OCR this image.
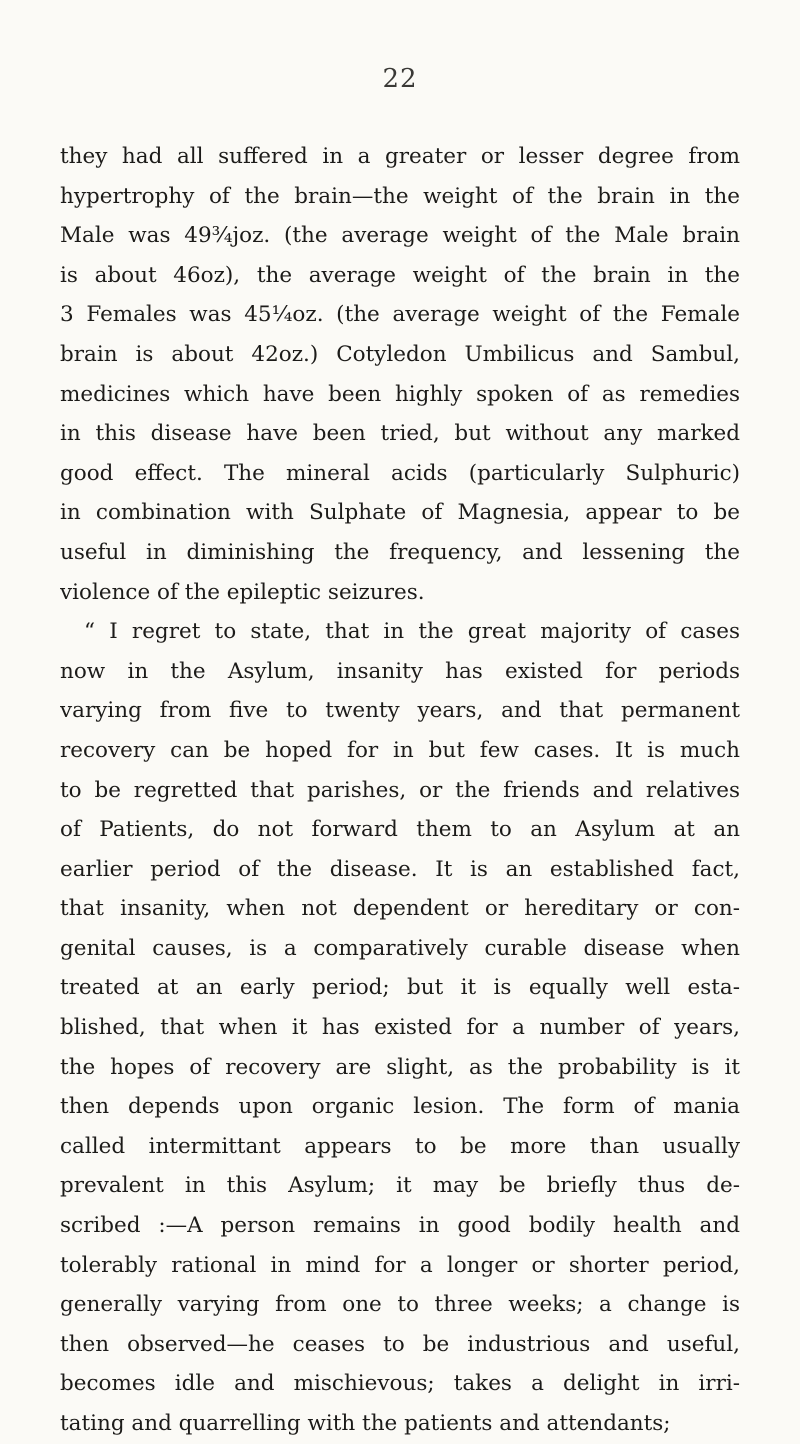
22
they had all suffered in a greater or lesser degree from
hypertrophy of the brain—the weight of the brain in the
Male was 49¾joz. (the average weight of the Male brain
is about 46oz), the average weight of the brain in the
3 Females was 45¼oz. (the average weight of the Female
brain is about 42oz.) Cotyledon Umbilicus and Sambul,
medicines which have been highly spoken of as remedies
in this disease have been tried, but without any marked
good effect. The mineral acids (particularly Sulphuric)
in combination with Sulphate of Magnesia, appear to be
useful in diminishing the frequency, and lessening the
violence of the epileptic seizures.
“ I regret to state, that in the great majority of cases
now in the Asylum, insanity has existed for periods
varying from five to twenty years, and that permanent
recovery can be hoped for in but few cases. It is much
to be regretted that parishes, or the friends and relatives
of Patients, do not forward them to an Asylum at an
earlier period of the disease. It is an established fact,
that insanity, when not dependent or hereditary or con-
genital causes, is a comparatively curable disease when
treated at an early period; but it is equally well esta-
blished, that when it has existed for a number of years,
the hopes of recovery are slight, as the probability is it
then depends upon organic lesion. The form of mania
called intermittant appears to be more than usually
prevalent in this Asylum; it may be briefly thus de-
scribed :—A person remains in good bodily health and
tolerably rational in mind for a longer or shorter period,
generally varying from one to three weeks; a change is
then observed—he ceases to be industrious and useful,
becomes idle and mischievous; takes a delight in irri-
tating and quarrelling with the patients and attendants;
